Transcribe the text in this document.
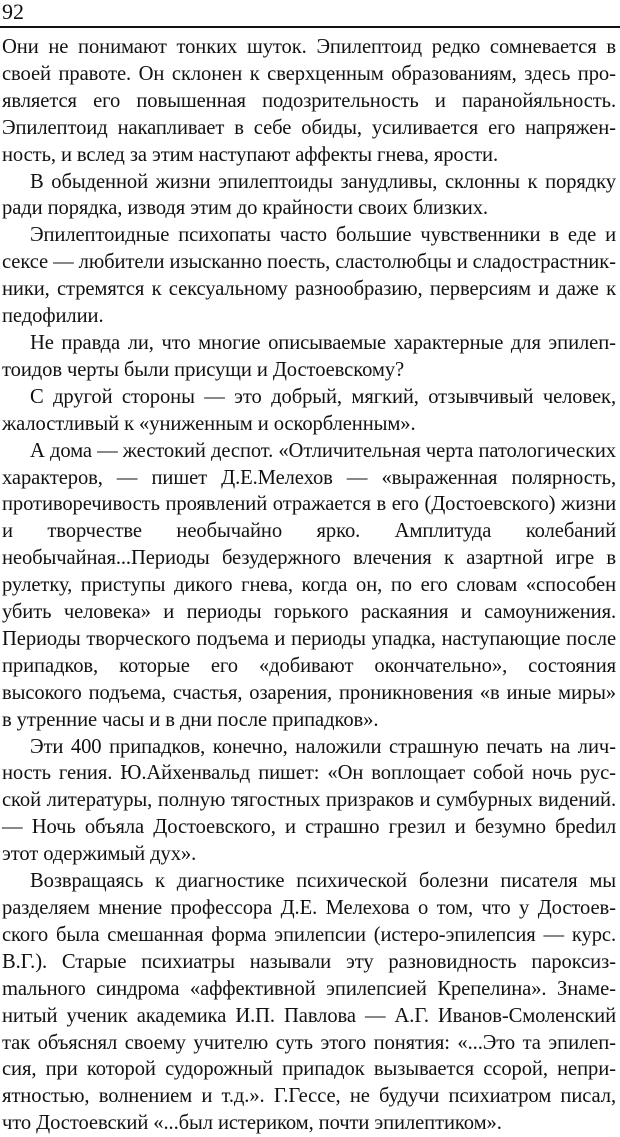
92

Они не понимают тонких шуток. Эпилептоид редко сомневается в своей правоте. Он склонен к сверхценным образованиям, здесь проявляется его повышенная подозрительность и паранойяльность. Эпилептоид накапливает в себе обиды, усиливается его напряженность, и вслед за этим наступают аффекты гнева, ярости.

В обыденной жизни эпилептоиды занудливы, склонны к порядку ради порядка, изводя этим до крайности своих близких.

Эпилептоидные психопаты часто большие чувственники в еде и сексе — любители изысканно поесть, сластолюбцы и сладострастникники, стремятся к сексуальному разнообразию, перверсиям и даже к педофилии.

Не правда ли, что многие описываемые характерные для эпилептоидов черты были присущи и Достоевскому?

С другой стороны — это добрый, мягкий, отзывчивый человек, жалостливый к «униженным и оскорбленным».

А дома — жестокий деспот. «Отличительная черта патологических характеров, — пишет Д.Е.Мелехов — «выраженная полярность, противоречивость проявлений отражается в его (Достоевского) жизни и творчестве необычайно ярко. Амплитуда колебаний необычайная...Периоды безудержного влечения к азартной игре в рулетку, приступы дикого гнева, когда он, по его словам «способен убить человека» и периоды горького раскаяния и самоунижения. Периоды творческого подъема и периоды упадка, наступающие после припадков, которые его «добивают окончательно», состояния высокого подъема, счастья, озарения, проникновения «в иные миры» в утренние часы и в дни после припадков».

Эти 400 припадков, конечно, наложили страшную печать на личность гения. Ю.Айхенвальд пишет: «Он воплощает собой ночь русской литературы, полную тягостных призраков и сумбурных видений. — Ночь объяла Достоевского, и страшно грезил и безумно бреdил этот одержимый дух».

Возвращаясь к диагностике психической болезни писателя мы разделяем мнение профессора Д.Е. Мелехова о том, что у Достоевского была смешанная форма эпилепсии (истеро-эпилепсия — курс. В.Г.). Старые психиатры называли эту разновидность пароксизmального синдрома «аффективной эпилепсией Крепелина». Знаменитый ученик академика И.П. Павлова — А.Г. Иванов-Смоленский так объяснял своему учителю суть этого понятия: «...Это та эпилепсия, при которой судорожный припадок вызывается ссорой, неприятностью, волнением и т.д.». Г.Гессе, не будучи психиатром писал, что Достоевский «...был истериком, почти эпилептиком».
